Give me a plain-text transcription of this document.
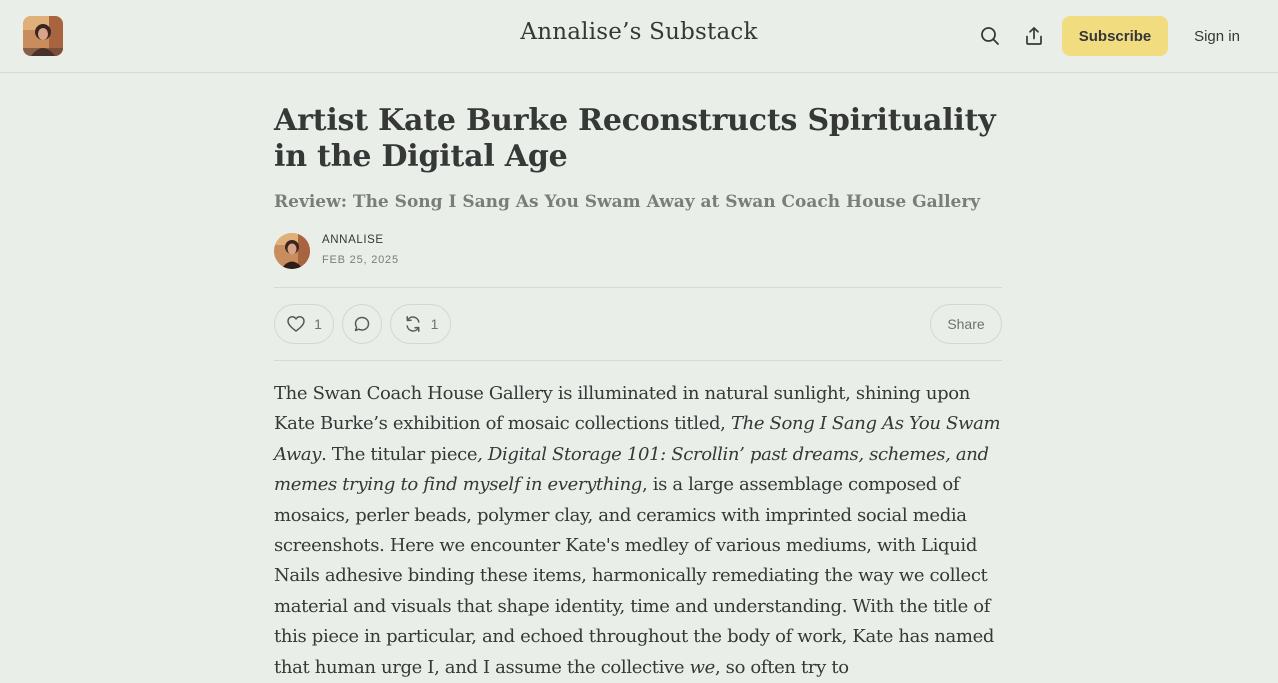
Annalise’s Substack	Subscribe	Sign in
Artist Kate Burke Reconstructs Spirituality in the Digital Age
Review: The Song I Sang As You Swam Away at Swan Coach House Gallery
ANNALISE
FEB 25, 2025
1	1	Share

The Swan Coach House Gallery is illuminated in natural sunlight, shining upon Kate Burke’s exhibition of mosaic collections titled, The Song I Sang As You Swam Away. The titular piece, Digital Storage 101: Scrollin’ past dreams, schemes, and memes trying to find myself in everything, is a large assemblage composed of mosaics, perler beads, polymer clay, and ceramics with imprinted social media screenshots. Here we encounter Kate's medley of various mediums, with Liquid Nails adhesive binding these items, harmonically remediating the way we collect material and visuals that shape identity, time and understanding. With the title of this piece in particular, and echoed throughout the body of work, Kate has named that human urge I, and I assume the collective we, so often try to
